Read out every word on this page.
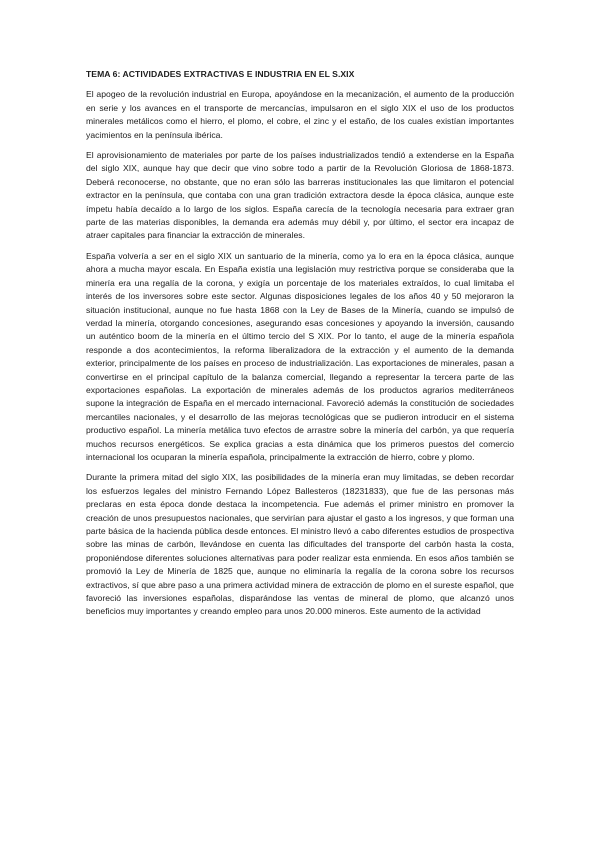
TEMA 6: ACTIVIDADES EXTRACTIVAS E INDUSTRIA EN EL S.XIX

El apogeo de la revolución industrial en Europa, apoyándose en la mecanización, el aumento de la producción en serie y los avances en el transporte de mercancías, impulsaron en el siglo XIX el uso de los productos minerales metálicos como el hierro, el plomo, el cobre, el zinc y el estaño, de los cuales existían importantes yacimientos en la península ibérica.

El aprovisionamiento de materiales por parte de los países industrializados tendió a extenderse en la España del siglo XIX, aunque hay que decir que vino sobre todo a partir de la Revolución Gloriosa de 1868-1873. Deberá reconocerse, no obstante, que no eran sólo las barreras institucionales las que limitaron el potencial extractor en la península, que contaba con una gran tradición extractora desde la época clásica, aunque este ímpetu había decaído a lo largo de los siglos. España carecía de la tecnología necesaria para extraer gran parte de las materias disponibles, la demanda era además muy débil y, por último, el sector era incapaz de atraer capitales para financiar la extracción de minerales.

España volvería a ser en el siglo XIX un santuario de la minería, como ya lo era en la época clásica, aunque ahora a mucha mayor escala. En España existía una legislación muy restrictiva porque se consideraba que la minería era una regalía de la corona, y exigía un porcentaje de los materiales extraídos, lo cual limitaba el interés de los inversores sobre este sector. Algunas disposiciones legales de los años 40 y 50 mejoraron la situación institucional, aunque no fue hasta 1868 con la Ley de Bases de la Minería, cuando se impulsó de verdad la minería, otorgando concesiones, asegurando esas concesiones y apoyando la inversión, causando un auténtico boom de la minería en el último tercio del S XIX. Por lo tanto, el auge de la minería española responde a dos acontecimientos, la reforma liberalizadora de la extracción y el aumento de la demanda exterior, principalmente de los países en proceso de industrialización. Las exportaciones de minerales, pasan a convertirse en el principal capítulo de la balanza comercial, llegando a representar la tercera parte de las exportaciones españolas. La exportación de minerales además de los productos agrarios mediterráneos supone la integración de España en el mercado internacional. Favoreció además la constitución de sociedades mercantiles nacionales, y el desarrollo de las mejoras tecnológicas que se pudieron introducir en el sistema productivo español. La minería metálica tuvo efectos de arrastre sobre la minería del carbón, ya que requería muchos recursos energéticos. Se explica gracias a esta dinámica que los primeros puestos del comercio internacional los ocuparan la minería española, principalmente la extracción de hierro, cobre y plomo.

Durante la primera mitad del siglo XIX, las posibilidades de la minería eran muy limitadas, se deben recordar los esfuerzos legales del ministro Fernando López Ballesteros (18231833), que fue de las personas más preclaras en esta época donde destaca la incompetencia. Fue además el primer ministro en promover la creación de unos presupuestos nacionales, que servirían para ajustar el gasto a los ingresos, y que forman una parte básica de la hacienda pública desde entonces. El ministro llevó a cabo diferentes estudios de prospectiva sobre las minas de carbón, llevándose en cuenta las dificultades del transporte del carbón hasta la costa, proponiéndose diferentes soluciones alternativas para poder realizar esta enmienda. En esos años también se promovió la Ley de Minería de 1825 que, aunque no eliminaría la regalía de la corona sobre los recursos extractivos, sí que abre paso a una primera actividad minera de extracción de plomo en el sureste español, que favoreció las inversiones españolas, disparándose las ventas de mineral de plomo, que alcanzó unos beneficios muy importantes y creando empleo para unos 20.000 mineros. Este aumento de la actividad
